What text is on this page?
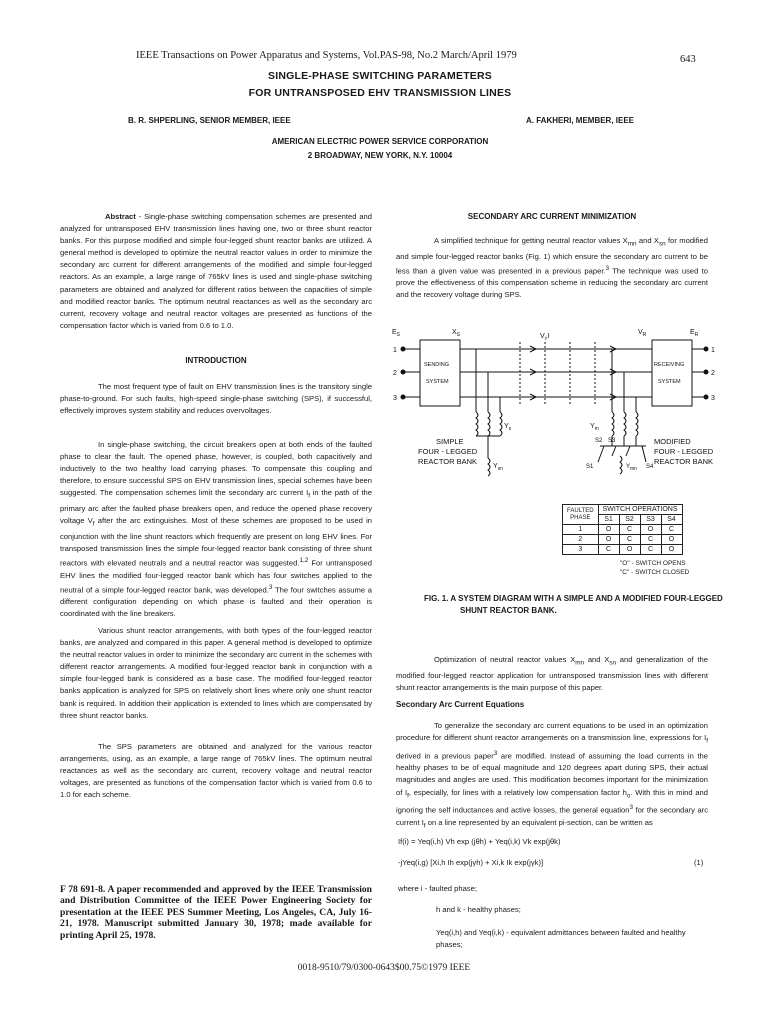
IEEE Transactions on Power Apparatus and Systems, Vol.PAS-98, No.2 March/April 1979	643
SINGLE-PHASE SWITCHING PARAMETERS
FOR UNTRANSPOSED EHV TRANSMISSION LINES
B. R. SHPERLING, SENIOR MEMBER, IEEE	A. FAKHERI, MEMBER, IEEE
AMERICAN ELECTRIC POWER SERVICE CORPORATION
2 BROADWAY, NEW YORK, N.Y. 10004
Abstract - Single-phase switching compensation schemes are presented and analyzed for untransposed EHV transmission lines having one, two or three shunt reactor banks. For this purpose modified and simple four-legged shunt reactor banks are utilized. A general method is developed to optimize the neutral reactor values in order to minimize the secondary arc current for different arrangements of the modified and simple four-legged reactors. As an example, a large range of 765kV lines is used and single-phase switching parameters are obtained and analyzed for different ratios between the capacities of simple and modified reactor banks. The optimum neutral reactances as well as the secondary arc current, recovery voltage and neutral reactor voltages are presented as functions of the compensation factor which is varied from 0.6 to 1.0.
INTRODUCTION
The most frequent type of fault on EHV transmission lines is the transitory single phase-to-ground. For such faults, high-speed single-phase switching (SPS), if successful, effectively improves system stability and reduces overvoltages.
In single-phase switching, the circuit breakers open at both ends of the faulted phase to clear the fault. The opened phase, however, is coupled, both capacitively and inductively to the two healthy load carrying phases. To compensate this coupling and therefore, to ensure successful SPS on EHV transmission lines, special schemes have been suggested. The compensation schemes limit the secondary arc current $I_f$ in the path of the primary arc after the faulted phase breakers open, and reduce the opened phase recovery voltage $V_f$ after the arc extinguishes. Most of these schemes are proposed to be used in conjunction with the line shunt reactors which frequently are present on long EHV lines. For transposed transmission lines the simple four-legged reactor bank consisting of three shunt reactors with elevated neutrals and a neutral reactor was suggested.$^{1,2}$ For untransposed EHV lines the modified four-legged reactor bank which has four switches applied to the neutral of a simple four-legged reactor bank, was developed.$^3$ The four switches assume a different configuration depending on which phase is faulted and their operation is coordinated with the line breakers.
Various shunt reactor arrangements, with both types of the four-legged reactor banks, are analyzed and compared in this paper. A general method is developed to optimize the neutral reactor values in order to minimize the secondary arc current in the schemes with different reactor arrangements. A modified four-legged reactor bank in conjunction with a simple four-legged bank is considered as a base case. The modified four-legged reactor banks application is analyzed for SPS on relatively short lines where only one shunt reactor bank is required. In addition their application is extended to lines which are compensated by three shunt reactor banks.
The SPS parameters are obtained and analyzed for the various reactor arrangements, using, as an example, a large range of 765kV lines. The optimum neutral reactances as well as the secondary arc current, recovery voltage and neutral reactor voltages, are presented as functions of the compensation factor which is varied from 0.6 to 1.0 for each scheme.
F 78 691-8. A paper recommended and approved by the IEEE Transmission and Distribution Committee of the IEEE Power Engineering Society for presentation at the IEEE PES Summer Meeting, Los Angeles, CA, July 16-21, 1978. Manuscript submitted January 30, 1978; made available for printing April 25, 1978.
SECONDARY ARC CURRENT MINIMIZATION
A simplified technique for getting neutral reactor values $X_{mn}$ and $X_{sn}$ for modified and simple four-legged reactor banks (Fig. 1) which ensure the secondary arc current to be less than a given value was presented in a previous paper.$^3$ The technique was used to prove the effectiveness of this compensation scheme in reducing the secondary arc current and the recovery voltage during SPS.
$E_S$	$X_S$	$V_i,I$
$V_R$	$E_R$
1
2
3
1
2
3
SENDING
SYSTEM
RECEIVING
SYSTEM
$Y_s$	$Y_m$
$Y_{sn}$	$Y_{mn}$
S1
S2 S3
S4
SIMPLE
FOUR - LEGGED
REACTOR BANK
MODIFIED
FOUR - LEGGED
REACTOR BANK
FAULTED
PHASE	SWITCH OPERATIONS			
	S1	S2	S3	S4
1	O	C	O	C
2	O	C	C	O
3	C	O	C	O
"O" - SWITCH OPENS
"C" - SWITCH CLOSED
FIG. 1. A SYSTEM DIAGRAM WITH A SIMPLE AND A MODIFIED FOUR-LEGGED
SHUNT REACTOR BANK.
Optimization of neutral reactor values $X_{mn}$ and $X_{sn}$ and generalization of the modified four-legged reactor application for untransposed transmission lines with different shunt reactor arrangements is the main purpose of this paper.
Secondary Arc Current Equations
To generalize the secondary arc current equations to be used in an optimization procedure for different shunt reactor arrangements on a transmission line, expressions for $I_f$ derived in a previous paper$^3$ are modified. Instead of assuming the load currents in the healthy phases to be of equal magnitude and 120 degrees apart during SPS, their actual magnitudes and angles are used. This modification becomes important for the minimization of $I_f$, especially, for lines with a relatively low compensation factor $h_o$. With this in mind and ignoring the self inductances and active losses, the general equation$^3$ for the secondary arc current $I_f$ on a line represented by an equivalent pi-section, can be written as
If(i) = Yeq(i,h) Vh exp (jθh) + Yeq(i,k) Vk exp(jθk)
-jYeq(i,g) [Xi,h Ih exp(jγh) + Xi,k Ik exp(jγk)]	(1)
where i - faulted phase;
h and k - healthy phases;
Yeq(i,h) and Yeq(i,k) - equivalent admittances between faulted and healthy phases;
0018-9510/79/0300-0643$00.75©1979 IEEE
